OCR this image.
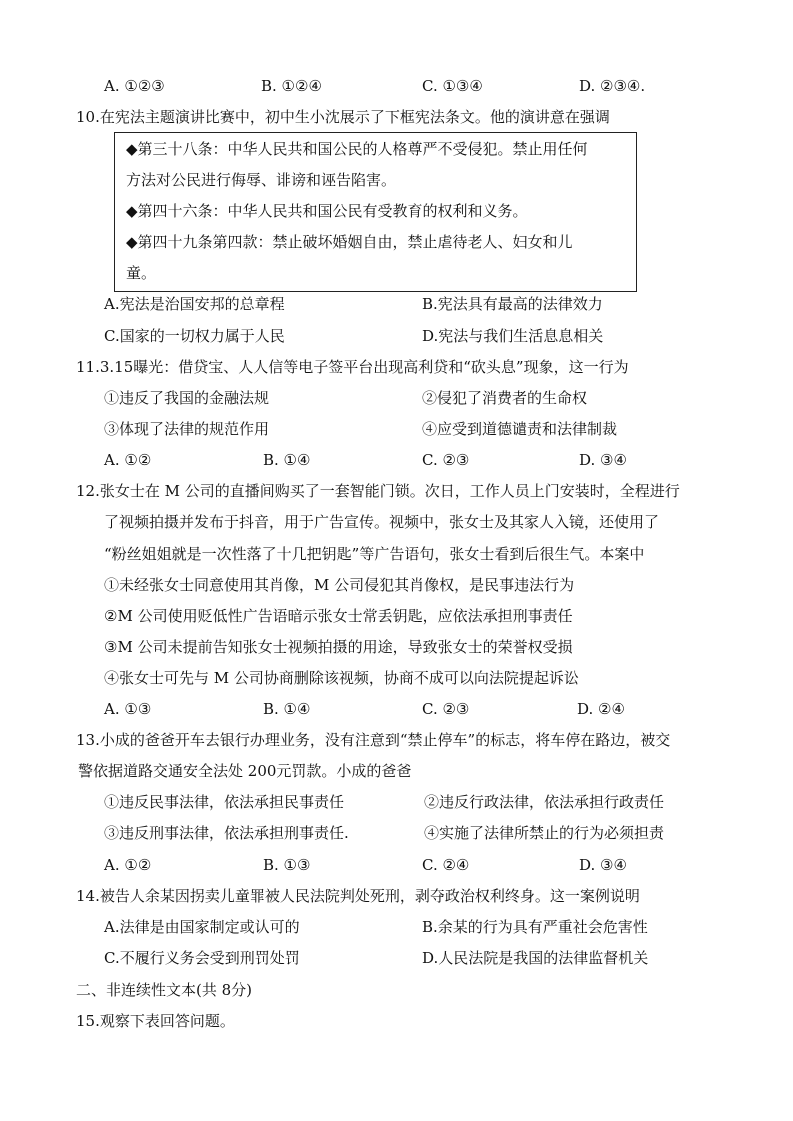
A. ①②③	B. ①②④	C. ①③④	D. ②③④.
10.在宪法主题演讲比赛中，初中生小沈展示了下框宪法条文。他的演讲意在强调
◆第三十八条：中华人民共和国公民的人格尊严不受侵犯。禁止用任何
方法对公民进行侮辱、诽谤和诬告陷害。
◆第四十六条：中华人民共和国公民有受教育的权利和义务。
◆第四十九条第四款：禁止破坏婚姻自由，禁止虐待老人、妇女和儿
童。
A.宪法是治国安邦的总章程	B.宪法具有最高的法律效力
C.国家的一切权力属于人民	D.宪法与我们生活息息相关
11.3.15曝光：借贷宝、人人信等电子签平台出现高利贷和“砍头息”现象，这一行为
①违反了我国的金融法规	②侵犯了消费者的生命权
③体现了法律的规范作用	④应受到道德谴责和法律制裁
A. ①②	B. ①④	C. ②③	D. ③④
12.张女士在 M 公司的直播间购买了一套智能门锁。次日，工作人员上门安装时，全程进行
了视频拍摄并发布于抖音，用于广告宣传。视频中，张女士及其家人入镜，还使用了
“粉丝姐姐就是一次性落了十几把钥匙”等广告语句，张女士看到后很生气。本案中
①未经张女士同意使用其肖像，M 公司侵犯其肖像权，是民事违法行为
②M 公司使用贬低性广告语暗示张女士常丢钥匙，应依法承担刑事责任
③M 公司未提前告知张女士视频拍摄的用途，导致张女士的荣誉权受损
④张女士可先与 M 公司协商删除该视频，协商不成可以向法院提起诉讼
A. ①③	B. ①④	C. ②③	D. ②④
13.小成的爸爸开车去银行办理业务，没有注意到“禁止停车”的标志，将车停在路边，被交
警依据道路交通安全法处 200元罚款。小成的爸爸
①违反民事法律，依法承担民事责任	②违反行政法律，依法承担行政责任
③违反刑事法律，依法承担刑事责任.	④实施了法律所禁止的行为必须担责
A. ①②	B. ①③	C. ②④	D. ③④
14.被告人余某因拐卖儿童罪被人民法院判处死刑，剥夺政治权利终身。这一案例说明
A.法律是由国家制定或认可的	B.余某的行为具有严重社会危害性
C.不履行义务会受到刑罚处罚	D.人民法院是我国的法律监督机关
二、非连续性文本(共 8分)
15.观察下表回答问题。
